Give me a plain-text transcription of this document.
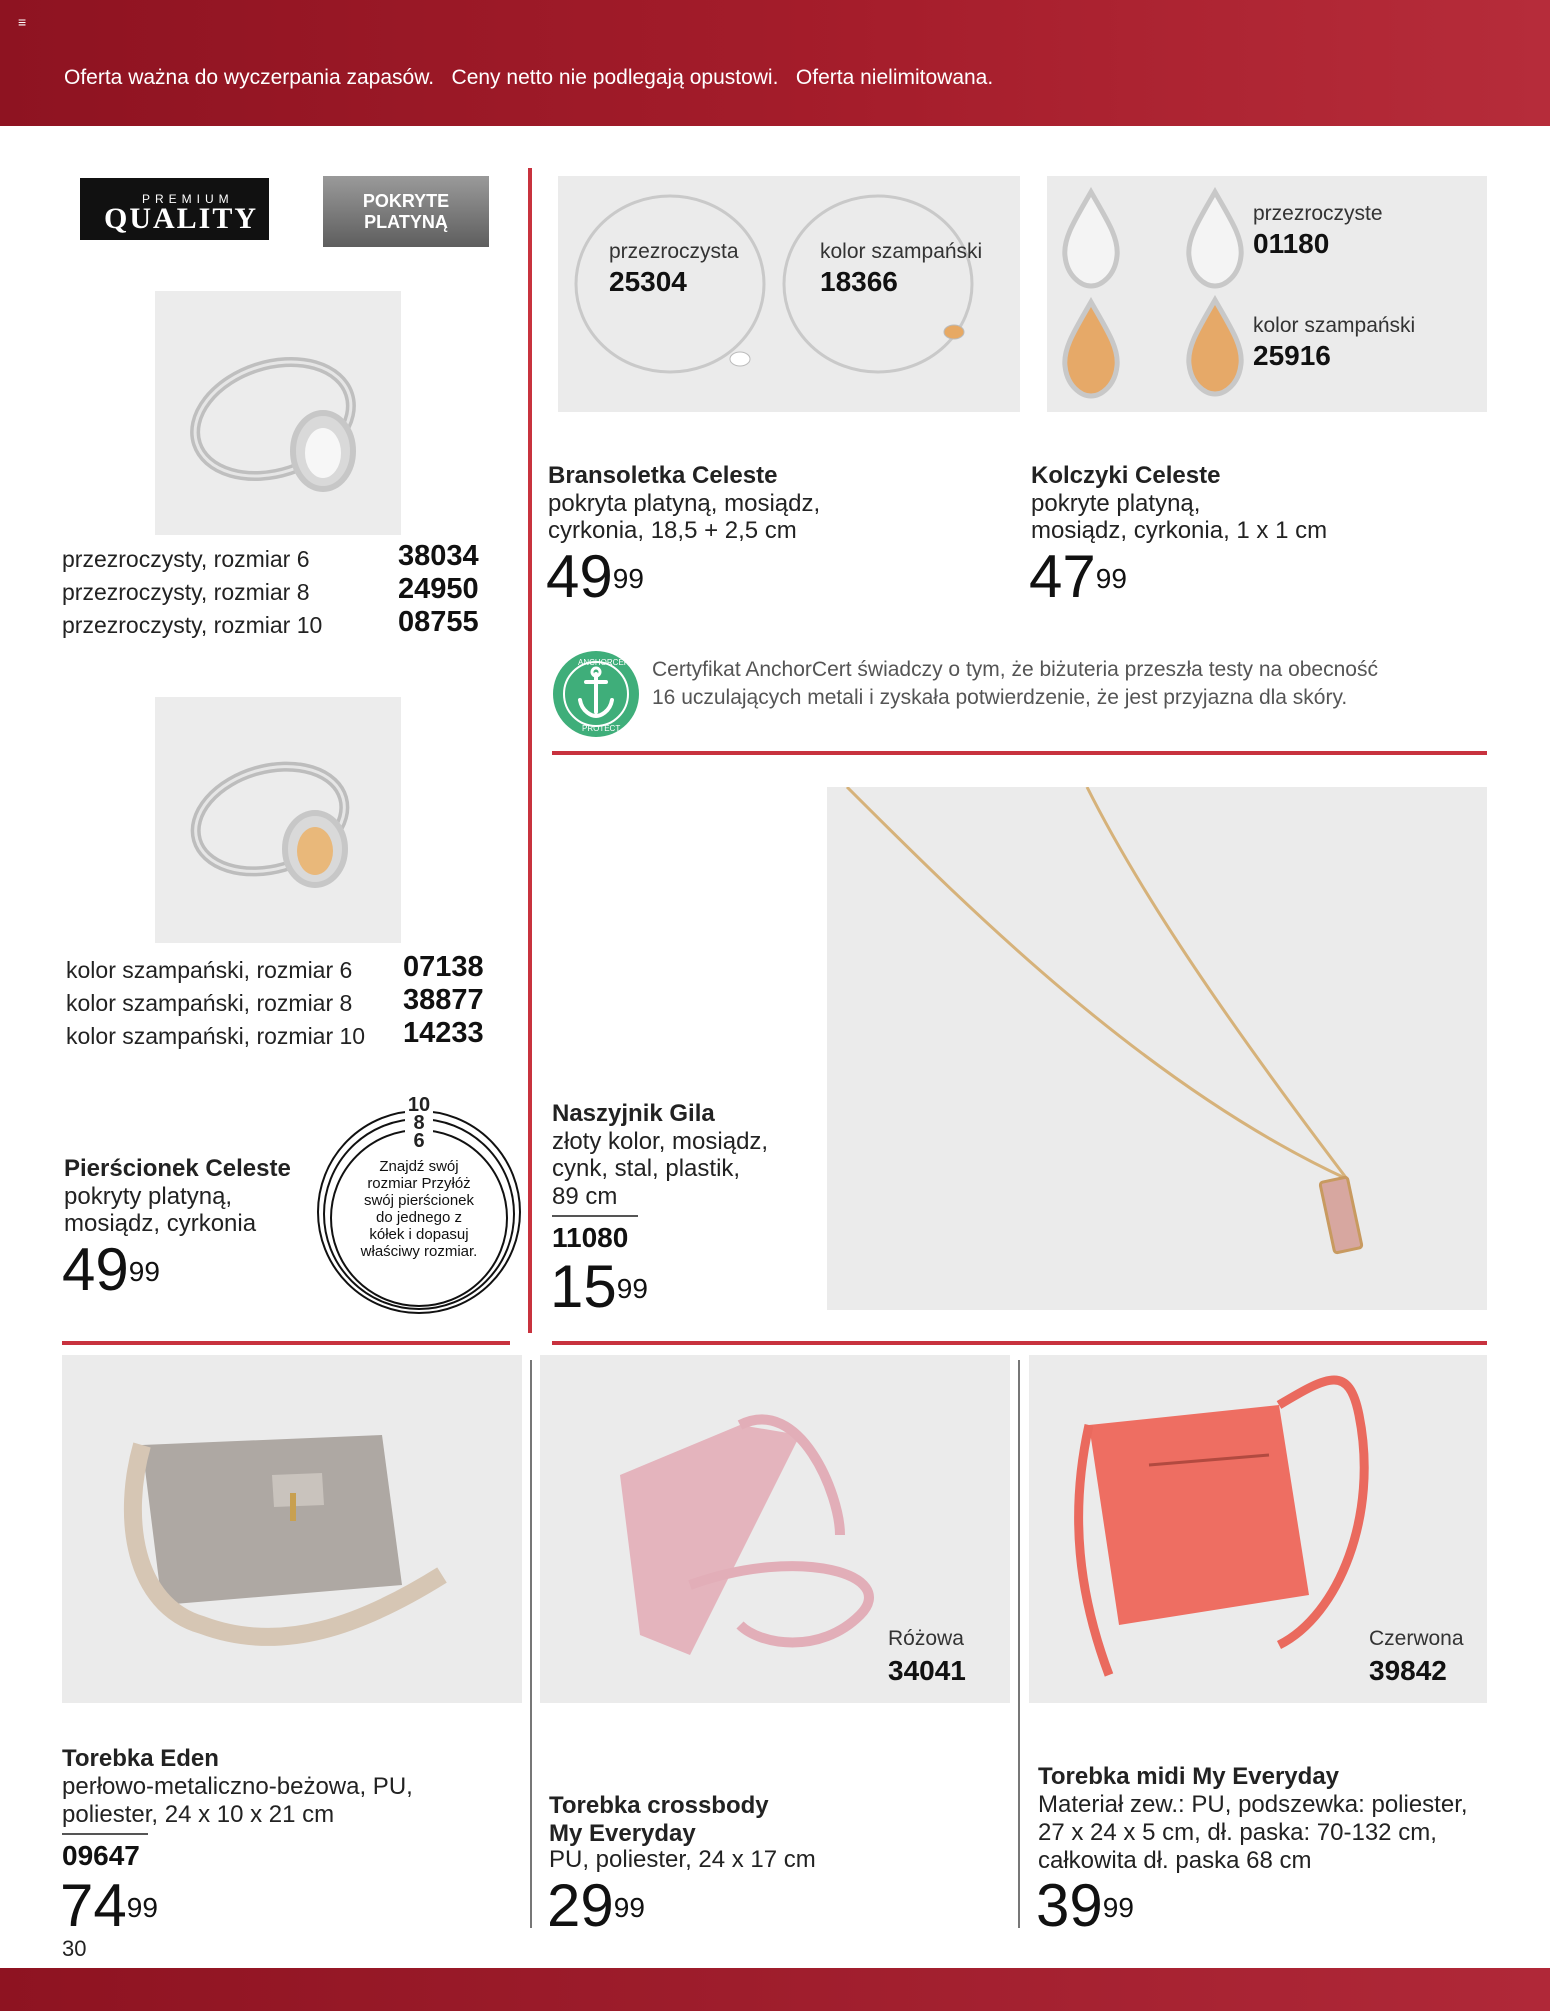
≡
Oferta ważna do wyczerpania zapasów.   Ceny netto nie podlegają opustowi.   Oferta nielimitowana.
PREMIUM
QUALITY
POKRYTE
PLATYNĄ
przezroczysty, rozmiar 6	38034
przezroczysty, rozmiar 8	24950
przezroczysty, rozmiar 10	08755
kolor szampański, rozmiar 6 07138
kolor szampański, rozmiar 8 38877
kolor szampański, rozmiar 10 14233
Pierścionek Celeste
pokryty platyną,
mosiądz, cyrkonia
$49^{99}$
10
8
6
Znajdź swój rozmiar Przyłóż swój pierścionek do jednego z kółek i dopasuj właściwy rozmiar.
przezroczysta
25304
kolor szampański
18366
przezroczyste
01180
kolor szampański
25916
Bransoletka Celeste
pokryta platyną, mosiądz,
cyrkonia, 18,5 + 2,5 cm
$49^{99}$
Kolczyki Celeste
pokryte platyną,
mosiądz, cyrkonia, 1 x 1 cm
$47^{99}$
ANCHORCERT
PROTECT
Certyfikat AnchorCert świadczy o tym, że biżuteria przeszła testy na obecność
16 uczulających metali i zyskała potwierdzenie, że jest przyjazna dla skóry.
Naszyjnik Gila
złoty kolor, mosiądz,
cynk, stal, plastik,
89 cm
11080
$15^{99}$
Różowa
34041
Czerwona
39842
Torebka Eden
perłowo-metaliczno-beżowa, PU,
poliester, 24 x 10 x 21 cm
09647
$74^{99}$
30
Torebka crossbody
My Everyday
PU, poliester, 24 x 17 cm
$29^{99}$
Torebka midi My Everyday
Materiał zew.: PU, podszewka: poliester,
27 x 24 x 5 cm, dł. paska: 70-132 cm,
całkowita dł. paska 68 cm
$39^{99}$
